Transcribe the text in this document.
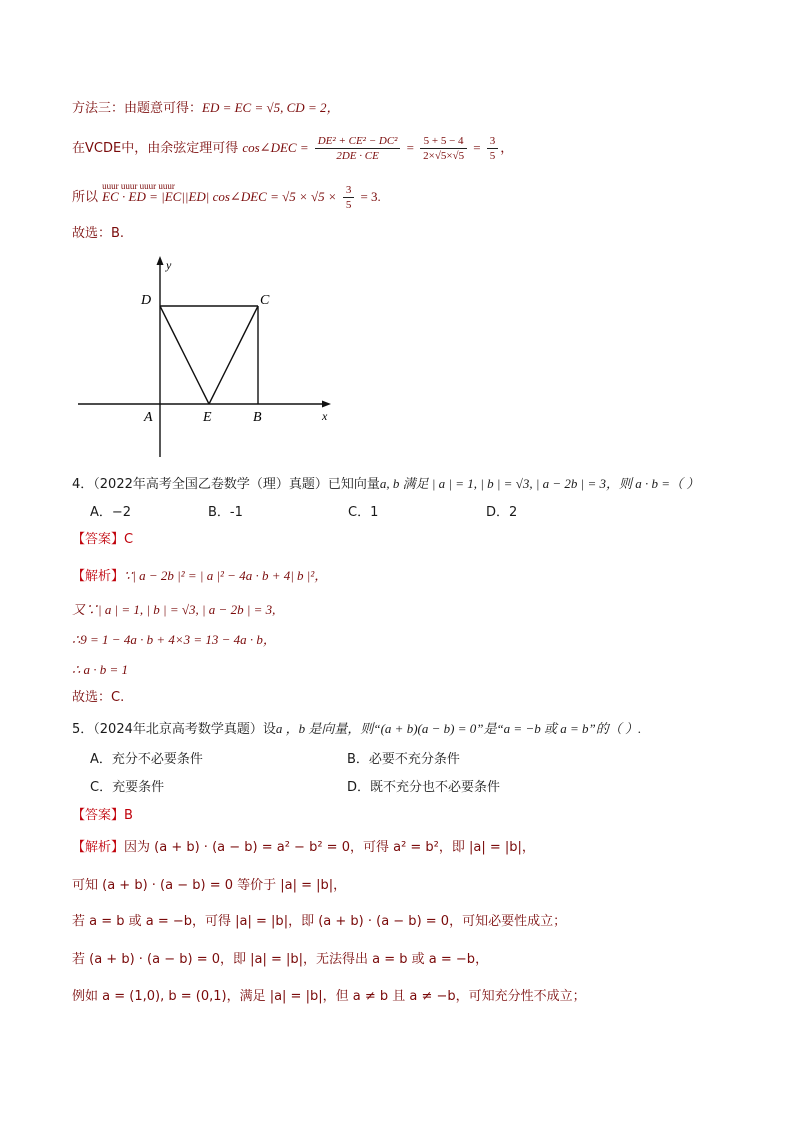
方法三：由题意可得：ED = EC = √5, CD = 2，
在VCDE中，由余弦定理可得 cos∠DEC = $\frac{\text{DE² + CE² − DC²}}{2DE \cdot CE} = \frac{5 + 5 - 4}{2\times√5\times√5} = \frac{3}{5}$ ，
所以
uuur uuur uuur uuur
EC · ED = |EC||ED| cos∠DEC = $√5 \times √5 \times \frac{3}{5} = 3$.
故选：B.
y
x
D	C
A	E	B
4．（2022年高考全国乙卷数学（理）真题）已知向量a, b 满足 | a | = 1, | b | = √3, | a − 2b | = 3，则 a · b =（ ）
A．−2	B．-1	C．1	D．2
【答案】C
【解析】∵| a − 2b |² = | a |² − 4a · b + 4| b |²，
又∵| a | = 1, | b | = √3, | a − 2b | = 3,
∴9 = 1 − 4a · b + 4×3 = 13 − 4a · b，
∴ a · b = 1
故选：C.
5．（2024年北京高考数学真题）设a ，b 是向量，则“(a + b)(a − b) = 0”是“a = −b 或 a = b”的（ ）.
A．充分不必要条件	B．必要不充分条件
C．充要条件	D．既不充分也不必要条件
【答案】B
【解析】因为 (a + b) · (a − b) = a² − b² = 0，可得 a² = b²，即 |a| = |b|，
可知 (a + b) · (a − b) = 0 等价于 |a| = |b|，
若 a = b 或 a = −b，可得 |a| = |b|，即 (a + b) · (a − b) = 0，可知必要性成立；
若 (a + b) · (a − b) = 0，即 |a| = |b|，无法得出 a = b 或 a = −b，
例如 a = (1,0), b = (0,1)，满足 |a| = |b|，但 a ≠ b 且 a ≠ −b，可知充分性不成立；
